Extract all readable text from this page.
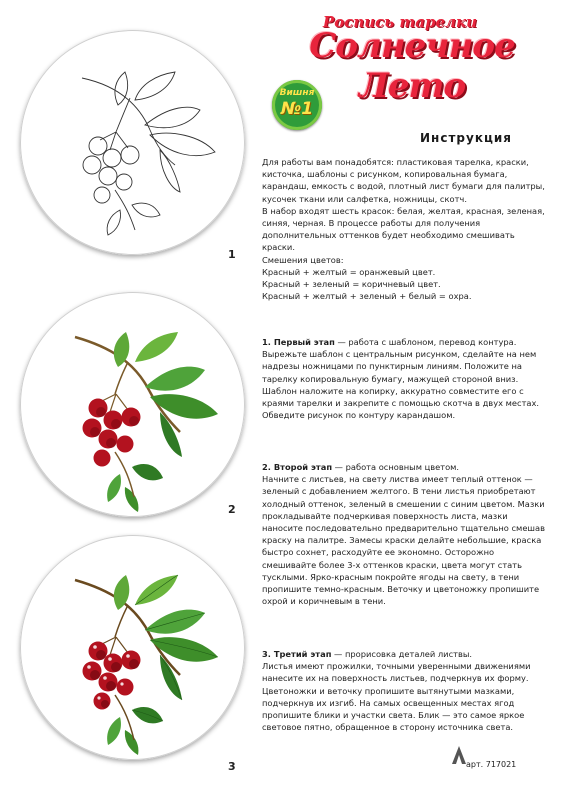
Роспись тарелки
Солнечное Лето
Вишня
№1
1
2
3
Инструкция

Для работы вам понадобятся: пластиковая тарелка, краски, кисточка, шаблоны с рисунком, копировальная бумага, карандаш, емкость с водой, плотный лист бумаги для палитры, кусочек ткани или салфетка, ножницы, скотч.

В набор входят шесть красок: белая, желтая, красная, зеленая, синяя, черная. В процессе работы для получения дополнительных оттенков будет необходимо смешивать краски.

Смешения цветов:

Красный + желтый = оранжевый цвет.

Красный + зеленый = коричневый цвет.

Красный + желтый + зеленый + белый = охра.

1. Первый этап — работа с шаблоном, перевод контура. Вырежьте шаблон с центральным рисунком, сделайте на нем надрезы ножницами по пунктирным линиям. Положите на тарелку копировальную бумагу, мажущей стороной вниз. Шаблон наложите на копирку, аккуратно совместите его с краями тарелки и закрепите с помощью скотча в двух местах. Обведите рисунок по контуру карандашом.

2. Второй этап — работа основным цветом.

Начните с листьев, на свету листва имеет теплый оттенок — зеленый с добавлением желтого. В тени листья приобретают холодный оттенок, зеленый в смешении с синим цветом. Мазки прокладывайте подчеркивая поверхность листа, мазки наносите последовательно предварительно тщательно смешав краску на палитре. Замесы краски делайте небольшие, краска быстро сохнет, расходуйте ее экономно. Осторожно смешивайте более 3-х оттенков краски, цвета могут стать тусклыми. Ярко-красным покройте ягоды на свету, в тени пропишите темно-красным. Веточку и цветоножку пропишите охрой и коричневым в тени.

3. Третий этап — прорисовка деталей листвы.

Листья имеют прожилки, точными уверенными движениями нанесите их на поверхность листьев, подчеркнув их форму. Цветоножки и веточку пропишите вытянутыми мазками, подчеркнув их изгиб. На самых освещенных местах ягод пропишите блики и участки света. Блик — это самое яркое световое пятно, обращенное в сторону источника света.

арт. 717021
